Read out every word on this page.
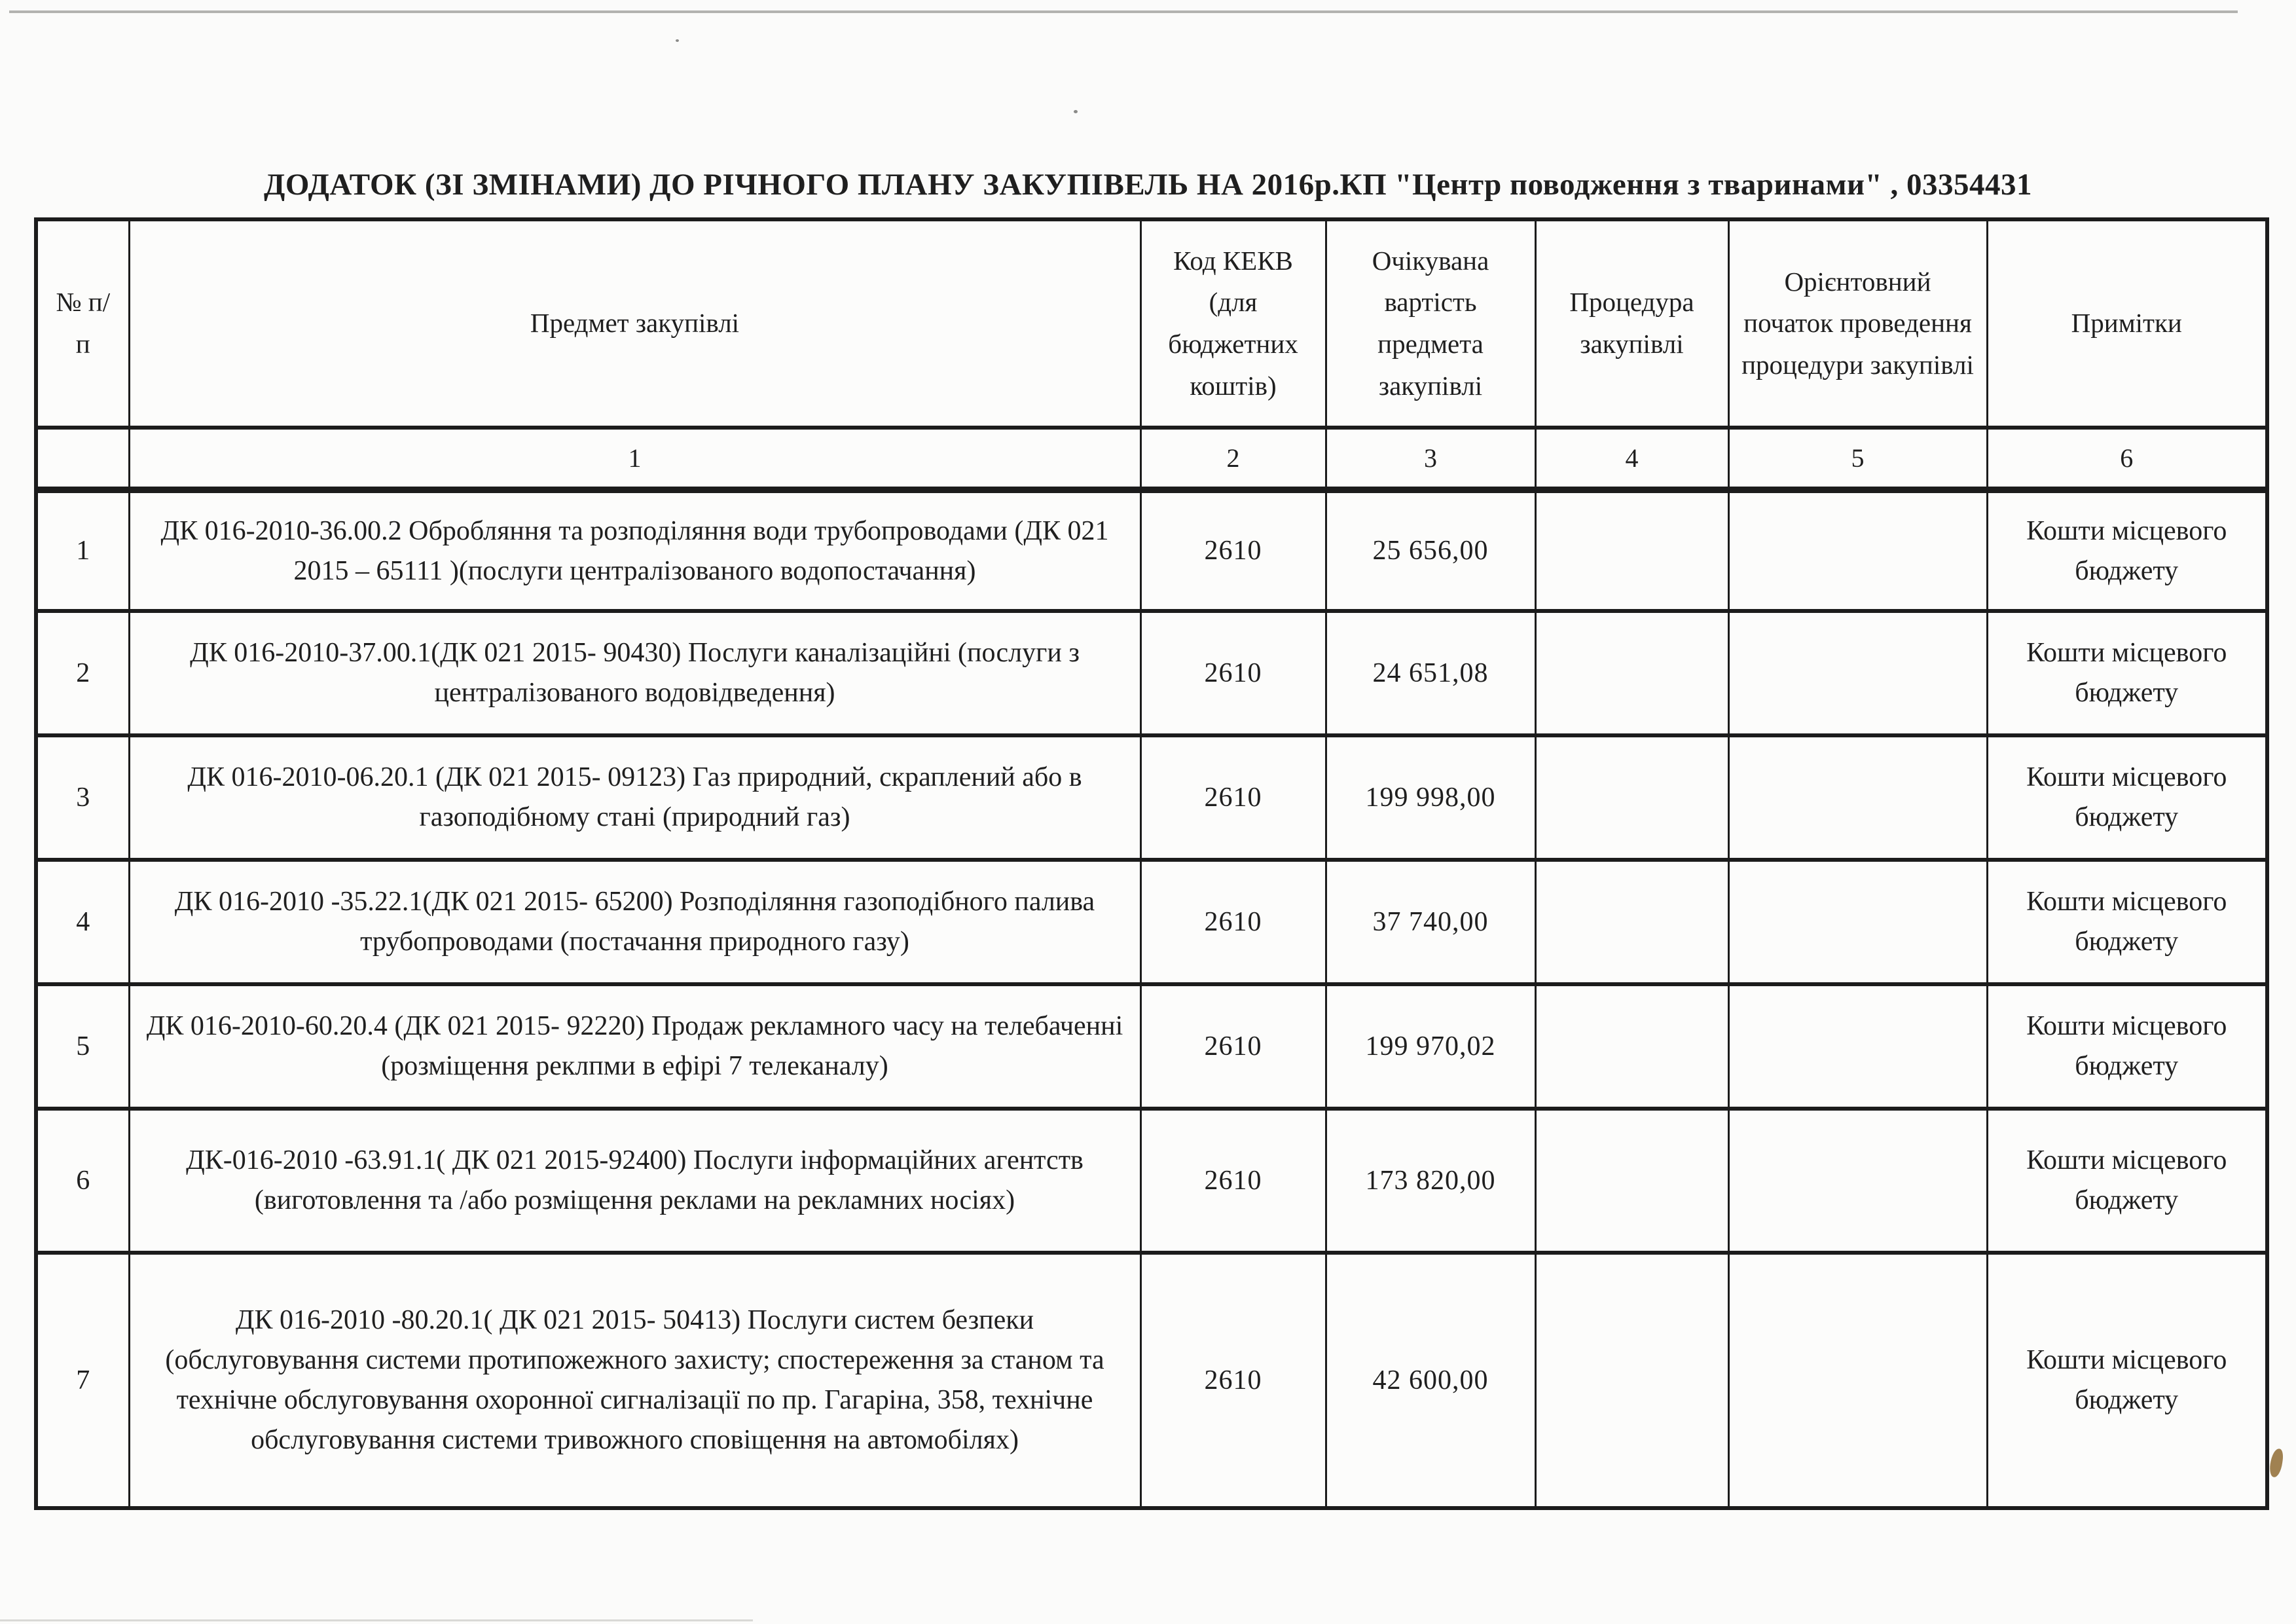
ДОДАТОК (ЗІ ЗМІНАМИ) ДО РІЧНОГО ПЛАНУ ЗАКУПІВЕЛЬ НА 2016р.КП "Центр поводження з тваринами" , 03354431
№ п/п	Предмет закупівлі	Код КЕКВ (для бюджетних коштів)	Очікувана вартість предмета закупівлі	Процедура закупівлі	Орієнтовний початок проведення процедури закупівлі	Примітки
	1	2	3	4	5	6
1	ДК 016-2010-36.00.2 Обробляння та розподіляння води трубопроводами (ДК 021 2015 – 65111 )(послуги централізованого водопостачання)	2610	25 656,00			Кошти місцевого бюджету
2	ДК 016-2010-37.00.1(ДК 021 2015- 90430) Послуги каналізаційні (послуги з централізованого водовідведення)	2610	24 651,08			Кошти місцевого бюджету
3	ДК 016-2010-06.20.1 (ДК 021 2015- 09123) Газ природний, скраплений або в газоподібному стані (природний газ)	2610	199 998,00			Кошти місцевого бюджету
4	ДК 016-2010 -35.22.1(ДК 021 2015- 65200) Розподіляння газоподібного палива трубопроводами (постачання природного газу)	2610	37 740,00			Кошти місцевого бюджету
5	ДК 016-2010-60.20.4 (ДК 021 2015- 92220) Продаж рекламного часу на телебаченні (розміщення реклпми в ефірі 7 телеканалу)	2610	199 970,02			Кошти місцевого бюджету
6	ДК-016-2010 -63.91.1( ДК 021 2015-92400) Послуги інформаційних агентств (виготовлення та /або розміщення реклами на рекламних носіях)	2610	173 820,00			Кошти місцевого бюджету
7	ДК 016-2010 -80.20.1( ДК 021 2015- 50413) Послуги систем безпеки (обслуговування системи протипожежного захисту; спостереження за станом та технічне обслуговування охоронної сигналізації по пр. Гагаріна, 358, технічне обслуговування системи тривожного сповіщення на автомобілях)	2610	42 600,00			Кошти місцевого бюджету
